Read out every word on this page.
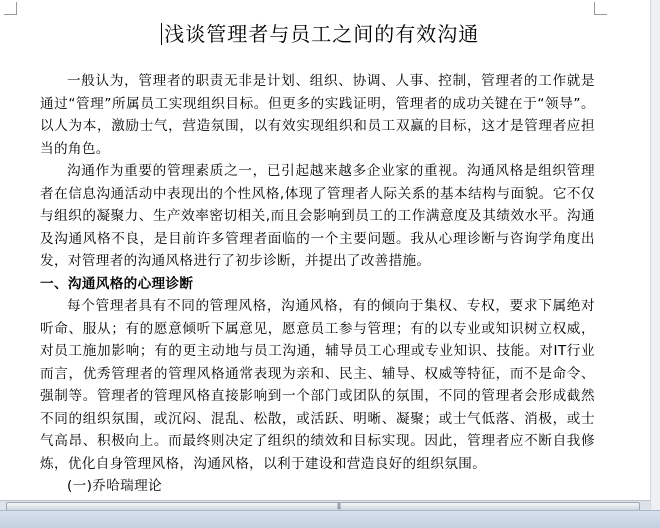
浅谈管理者与员工之间的有效沟通

一般认为，管理者的职责无非是计划、组织、协调、人事、控制，管理者的工作就是通过“管理”所属员工实现组织目标。但更多的实践证明，管理者的成功关键在于“领导”。以人为本，激励士气，营造氛围，以有效实现组织和员工双赢的目标，这才是管理者应担当的角色。

沟通作为重要的管理素质之一，已引起越来越多企业家的重视。沟通风格是组织管理者在信息沟通活动中表现出的个性风格,体现了管理者人际关系的基本结构与面貌。它不仅与组织的凝聚力、生产效率密切相关,而且会影响到员工的工作满意度及其绩效水平。沟通及沟通风格不良，是目前许多管理者面临的一个主要问题。我从心理诊断与咨询学角度出发，对管理者的沟通风格进行了初步诊断，并提出了改善措施。

一、沟通风格的心理诊断

每个管理者具有不同的管理风格，沟通风格，有的倾向于集权、专权，要求下属绝对听命、服从；有的愿意倾听下属意见，愿意员工参与管理；有的以专业或知识树立权威，对员工施加影响；有的更主动地与员工沟通，辅导员工心理或专业知识、技能。对IT行业而言，优秀管理者的管理风格通常表现为亲和、民主、辅导、权威等特征，而不是命令、强制等。管理者的管理风格直接影响到一个部门或团队的氛围，不同的管理者会形成截然不同的组织氛围，或沉闷、混乱、松散，或活跃、明晰、凝聚；或士气低落、消极，或士气高昂、积极向上。而最终则决定了组织的绩效和目标实现。因此，管理者应不断自我修炼，优化自身管理风格，沟通风格，以利于建设和营造良好的组织氛围。

(一)乔哈瑞理论

|||
